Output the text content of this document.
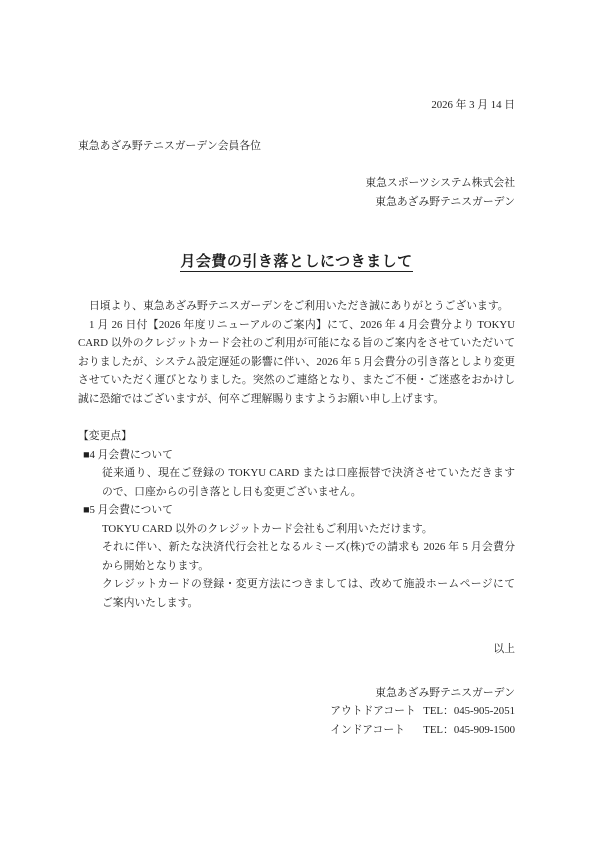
2026 年 3 月 14 日
東急あざみ野テニスガーデン会員各位
東急スポーツシステム株式会社
東急あざみ野テニスガーデン
月会費の引き落としにつきまして
日頃より、東急あざみ野テニスガーデンをご利用いただき誠にありがとうございます。
1 月 26 日付【2026 年度リニューアルのご案内】にて、2026 年 4 月会費分より TOKYU
CARD 以外のクレジットカード会社のご利用が可能になる旨のご案内をさせていただいて
おりましたが、システム設定遅延の影響に伴い、2026 年 5 月会費分の引き落としより変更
させていただく運びとなりました。突然のご連絡となり、またご不便・ご迷惑をおかけし
誠に恐縮ではございますが、何卒ご理解賜りますようお願い申し上げます。
【変更点】
■4 月会費について
従来通り、現在ご登録の TOKYU CARD または口座振替で決済させていただきます
ので、口座からの引き落とし日も変更ございません。
■5 月会費について
TOKYU CARD 以外のクレジットカード会社もご利用いただけます。
それに伴い、新たな決済代行会社となるルミーズ(株)での請求も 2026 年 5 月会費分
から開始となります。
クレジットカードの登録・変更方法につきましては、改めて施設ホームページにて
ご案内いたします。
以上
東急あざみ野テニスガーデン
アウトドアコート TEL：045-905-2051
インドアコート TEL：045-909-1500
